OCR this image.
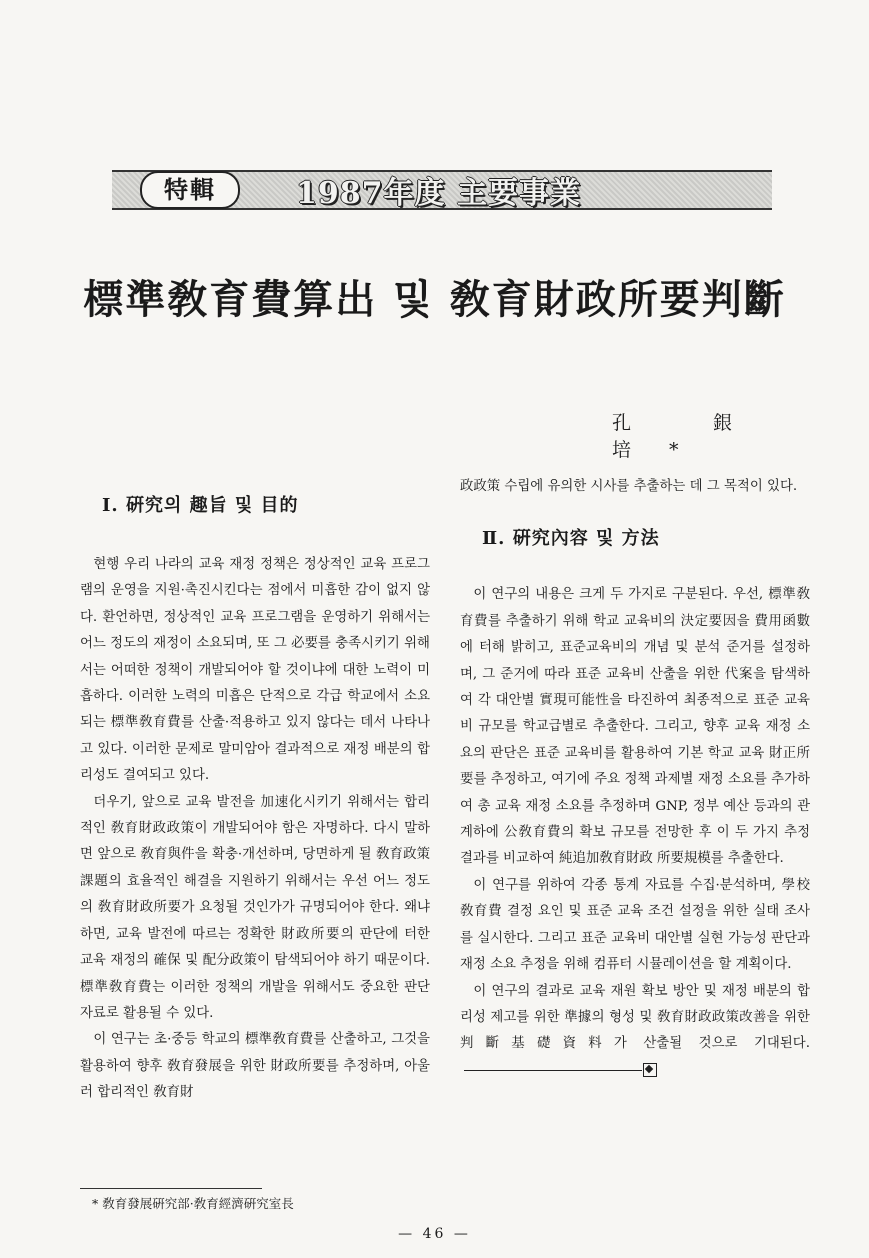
特輯	1987年度 主要事業
標準敎育費算出 및 敎育財政所要判斷
孔 銀 培*
Ⅰ. 硏究의 趣旨 및 目的

현행 우리 나라의 교육 재정 정책은 정상적인 교육 프로그램의 운영을 지원·촉진시킨다는 점에서 미흡한 감이 없지 않다. 환언하면, 정상적인 교육 프로그램을 운영하기 위해서는 어느 정도의 재정이 소요되며, 또 그 必要를 충족시키기 위해서는 어떠한 정책이 개발되어야 할 것이냐에 대한 노력이 미흡하다. 이러한 노력의 미흡은 단적으로 각급 학교에서 소요되는 標準敎育費를 산출·적용하고 있지 않다는 데서 나타나고 있다. 이러한 문제로 말미암아 결과적으로 재정 배분의 합리성도 결여되고 있다.

더우기, 앞으로 교육 발전을 加速化시키기 위해서는 합리적인 敎育財政政策이 개발되어야 함은 자명하다. 다시 말하면 앞으로 敎育與件을 확충·개선하며, 당면하게 될 敎育政策課題의 효율적인 해결을 지원하기 위해서는 우선 어느 정도의 敎育財政所要가 요청될 것인가가 규명되어야 한다. 왜냐하면, 교육 발전에 따르는 정확한 財政所要의 판단에 터한 교육 재정의 確保 및 配分政策이 탐색되어야 하기 때문이다. 標準敎育費는 이러한 정책의 개발을 위해서도 중요한 판단 자료로 활용될 수 있다.

이 연구는 초·중등 학교의 標準敎育費를 산출하고, 그것을 활용하여 향후 敎育發展을 위한 財政所要를 추정하며, 아울러 합리적인 敎育財

政政策 수립에 유의한 시사를 추출하는 데 그 목적이 있다.

Ⅱ. 硏究內容 및 方法

이 연구의 내용은 크게 두 가지로 구분된다. 우선, 標準敎育費를 추출하기 위해 학교 교육비의 決定要因을 費用函數에 터해 밝히고, 표준교육비의 개념 및 분석 준거를 설정하며, 그 준거에 따라 표준 교육비 산출을 위한 代案을 탐색하여 각 대안별 實現可能性을 타진하여 최종적으로 표준 교육비 규모를 학교급별로 추출한다. 그리고, 향후 교육 재정 소요의 판단은 표준 교육비를 활용하여 기본 학교 교육 財正所要를 추정하고, 여기에 주요 정책 과제별 재정 소요를 추가하여 총 교육 재정 소요를 추정하며 GNP, 정부 예산 등과의 관계하에 公敎育費의 확보 규모를 전망한 후 이 두 가지 추정 결과를 비교하여 純追加敎育財政 所要規模를 추출한다.

이 연구를 위하여 각종 통계 자료를 수집·분석하며, 學校敎育費 결정 요인 및 표준 교육 조건 설정을 위한 실태 조사를 실시한다. 그리고 표준 교육비 대안별 실현 가능성 판단과 재정 소요 추정을 위해 컴퓨터 시뮬레이션을 할 계획이다.

이 연구의 결과로 교육 재원 확보 방안 및 재정 배분의 합리성 제고를 위한 準據의 형성 및 敎育財政政策改善을 위한 判斷基礎資料가 산출될 것으로 기대된다.

* 敎育發展硏究部·敎育經濟硏究室長
— 46 —
